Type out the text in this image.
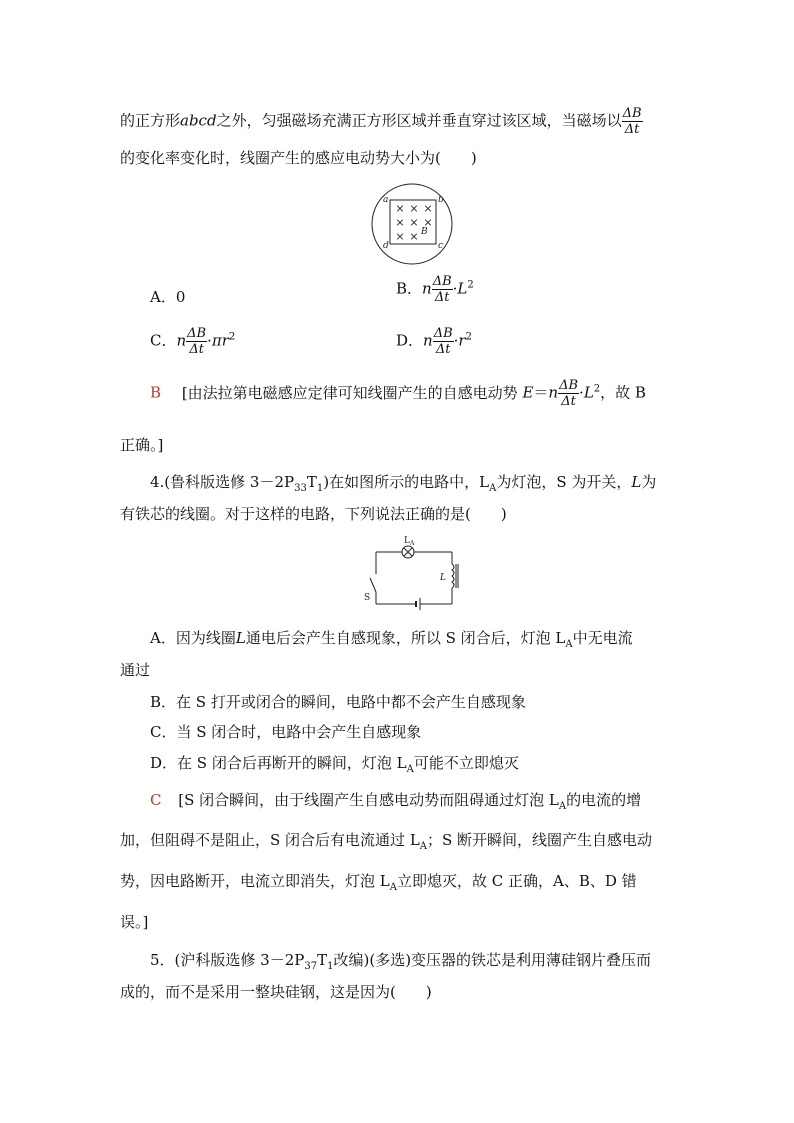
的正方形abcd之外，匀强磁场充满正方形区域并垂直穿过该区域，当磁场以 $\frac{\Delta B}{\Delta t}$
的变化率变化时，线圈产生的感应电动势大小为(　　)
× × ×
× × ×
× ×
a	b
c
d
B
A．0	B．n $\frac{\Delta B}{\Delta t} \cdot L^2$
C．n $\frac{\Delta B}{\Delta t} \cdot\pi r^2$	D．n $\frac{\Delta B}{\Delta t} \cdot r^2$
B [由法拉第电磁感应定律可知线圈产生的自感电动势 $E=n \frac{\Delta B}{\Delta t} \cdot L^2$，故 B
正确。]
4.(鲁科版选修 $3-2P_{33}T_1$)在如图所示的电路中，$L_A$为灯泡，S 为开关，L为
有铁芯的线圈。对于这样的电路，下列说法正确的是(　　)
$L_A$
L
S
A．因为线圈L通电后会产生自感现象，所以 S 闭合后，灯泡 $L_A$中无电流
通过
B．在 S 打开或闭合的瞬间，电路中都不会产生自感现象
C．当 S 闭合时，电路中会产生自感现象
D．在 S 闭合后再断开的瞬间，灯泡 $L_A$可能不立即熄灭
C [S 闭合瞬间，由于线圈产生自感电动势而阻碍通过灯泡 $L_A$的电流的增
加，但阻碍不是阻止，S 闭合后有电流通过 $L_A$；S 断开瞬间，线圈产生自感电动
势，因电路断开，电流立即消失，灯泡 $L_A$立即熄灭，故 C 正确，A、B、D 错
误。]
5．(沪科版选修 $3-2P_{37}T_1$改编)(多选)变压器的铁芯是利用薄硅钢片叠压而
成的，而不是采用一整块硅钢，这是因为(　　)
